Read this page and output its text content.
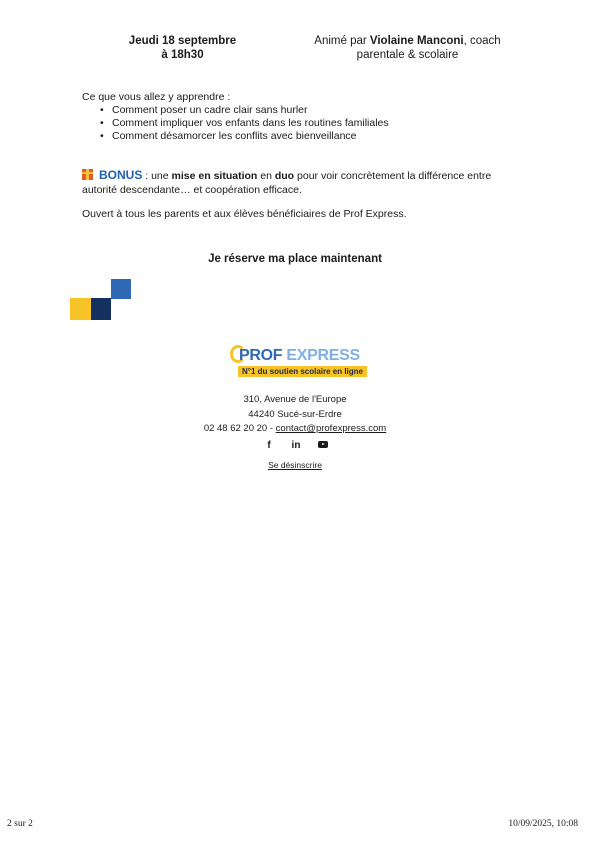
Jeudi 18 septembre
à 18h30
Animé par Violaine Manconi, coach
parentale & scolaire
Ce que vous allez y apprendre :
• Comment poser un cadre clair sans hurler
• Comment impliquer vos enfants dans les routines familiales
• Comment désamorcer les conflits avec bienveillance
BONUS : une mise en situation en duo pour voir concrètement la différence entre autorité descendante… et coopération efficace.
Ouvert à tous les parents et aux élèves bénéficiaires de Prof Express.
Je réserve ma place maintenant
PROF EXPRESS
N°1 du soutien scolaire en ligne
310, Avenue de l'Europe
44240 Sucé-sur-Erdre
02 48 62 20 20 - contact@profexpress.com
f	in
Se désinscrire
2 sur 2	10/09/2025, 10:08
